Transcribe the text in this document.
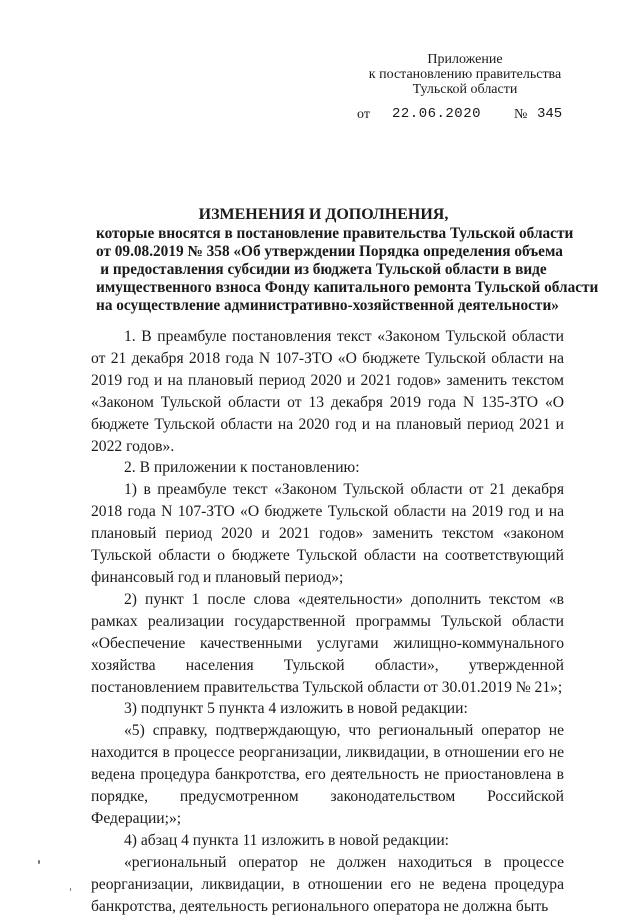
Приложение
к постановлению правительства
Тульской области
от 22.06.2020 № 345
ИЗМЕНЕНИЯ И ДОПОЛНЕНИЯ,
которые вносятся в постановление правительства Тульской области
от 09.08.2019 № 358 «Об утверждении Порядка определения объема
и предоставления субсидии из бюджета Тульской области в виде
имущественного взноса Фонду капитального ремонта Тульской области
на осуществление административно-хозяйственной деятельности»

1. В преамбуле постановления текст «Законом Тульской области от 21 декабря 2018 года N 107-ЗТО «О бюджете Тульской области на 2019 год и на плановый период 2020 и 2021 годов» заменить текстом «Законом Тульской области от 13 декабря 2019 года N 135-ЗТО «О бюджете Тульской области на 2020 год и на плановый период 2021 и 2022 годов».

2. В приложении к постановлению:

1) в преамбуле текст «Законом Тульской области от 21 декабря 2018 года N 107-ЗТО «О бюджете Тульской области на 2019 год и на плановый период 2020 и 2021 годов» заменить текстом «законом Тульской области о бюджете Тульской области на соответствующий финансовый год и плановый период»;

2) пункт 1 после слова «деятельности» дополнить текстом «в рамках реализации государственной программы Тульской области «Обеспечение качественными услугами жилищно-коммунального хозяйства населения Тульской области», утвержденной постановлением правительства Тульской области от 30.01.2019 № 21»;

3) подпункт 5 пункта 4 изложить в новой редакции:

«5) справку, подтверждающую, что региональный оператор не находится в процессе реорганизации, ликвидации, в отношении его не ведена процедура банкротства, его деятельность не приостановлена в порядке, предусмотренном законодательством Российской Федерации;»;

4) абзац 4 пункта 11 изложить в новой редакции:

«региональный оператор не должен находиться в процессе реорганизации, ликвидации, в отношении его не ведена процедура банкротства, деятельность регионального оператора не должна быть
